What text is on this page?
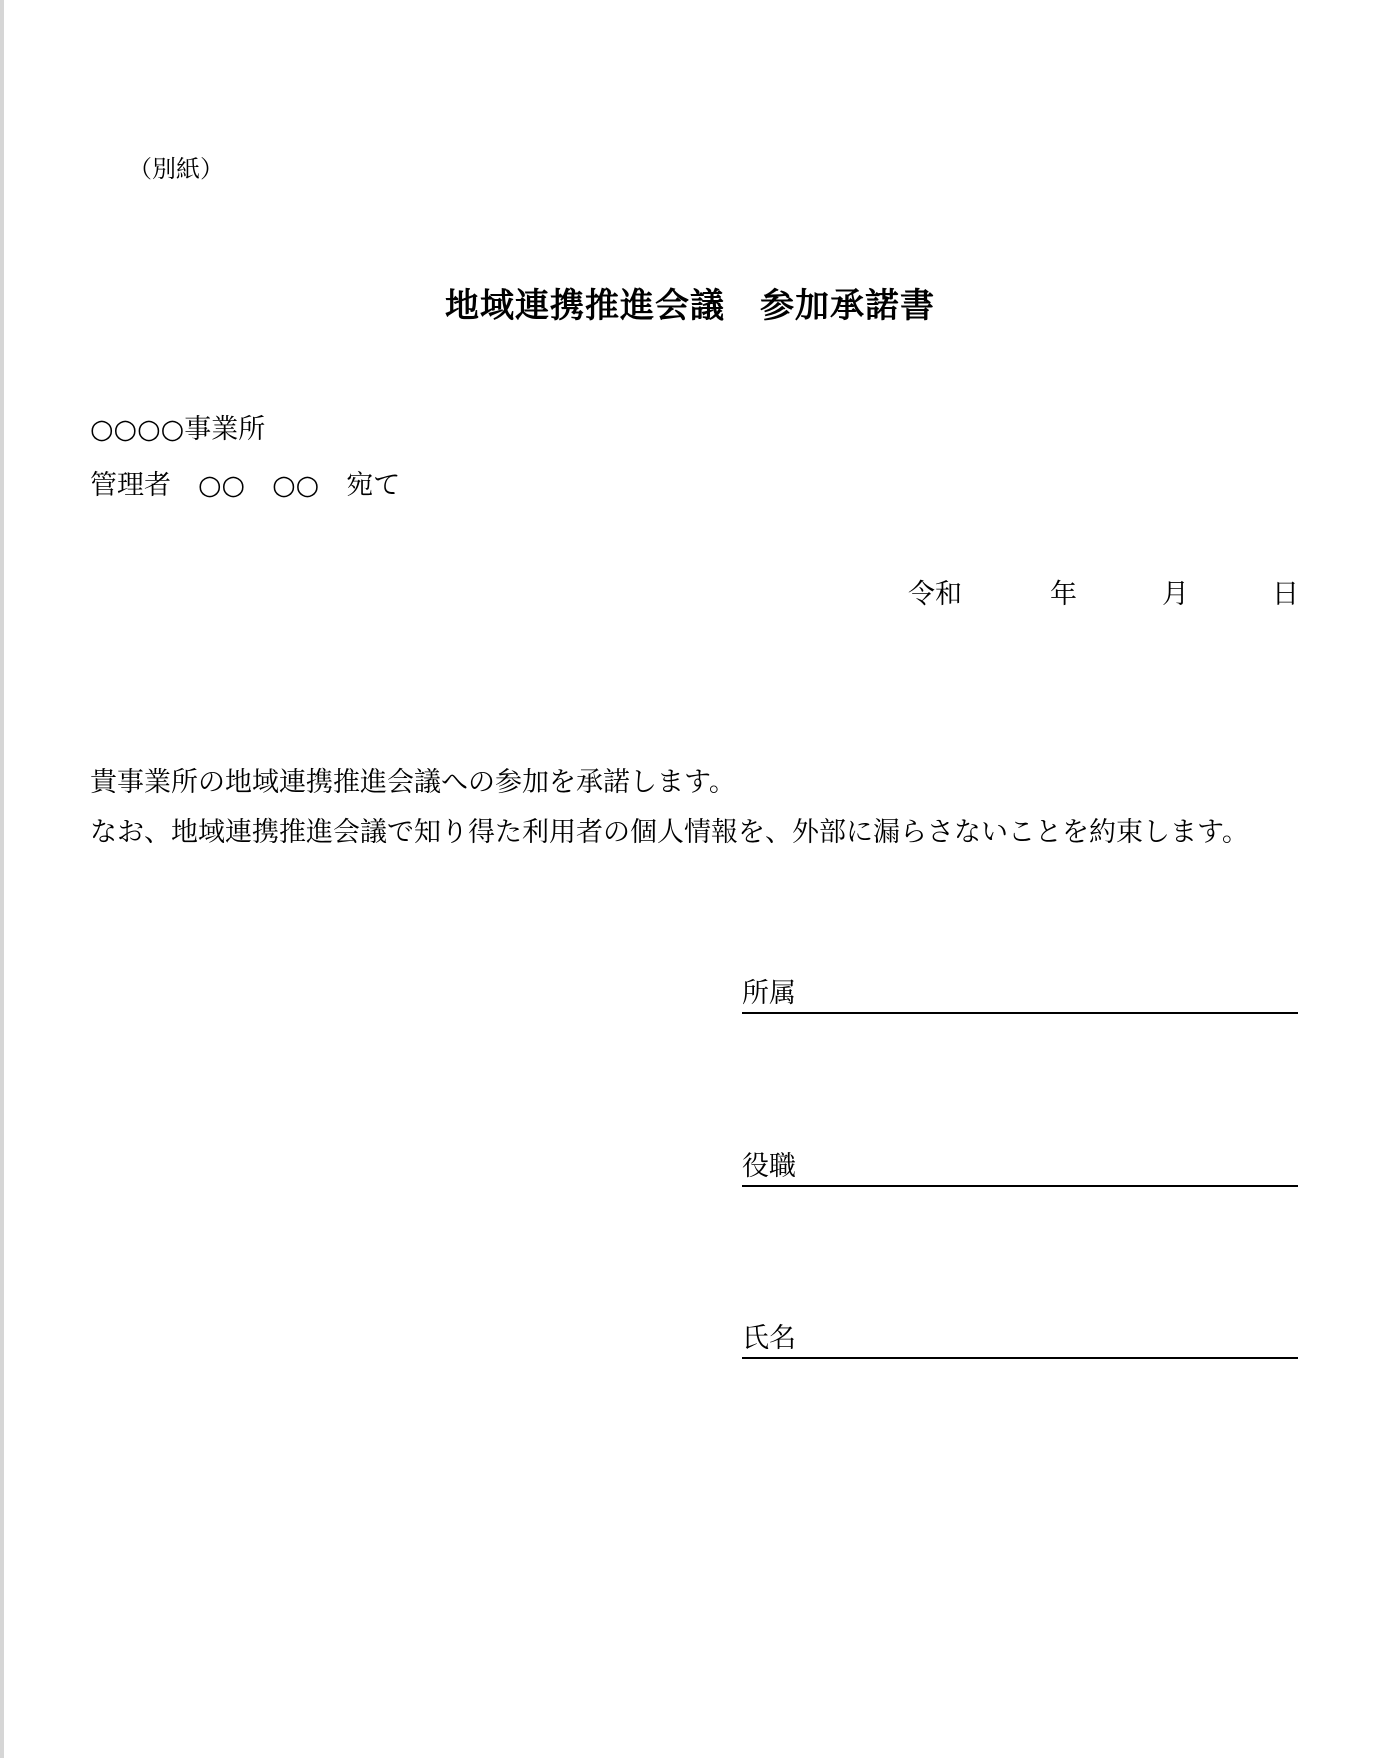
（別紙）
地域連携推進会議　参加承諾書
○○○○事業所
管理者　○○　○○　宛て
令和	年	月	日
貴事業所の地域連携推進会議への参加を承諾します。
なお、地域連携推進会議で知り得た利用者の個人情報を、外部に漏らさないことを約束します。
所属
役職
氏名
